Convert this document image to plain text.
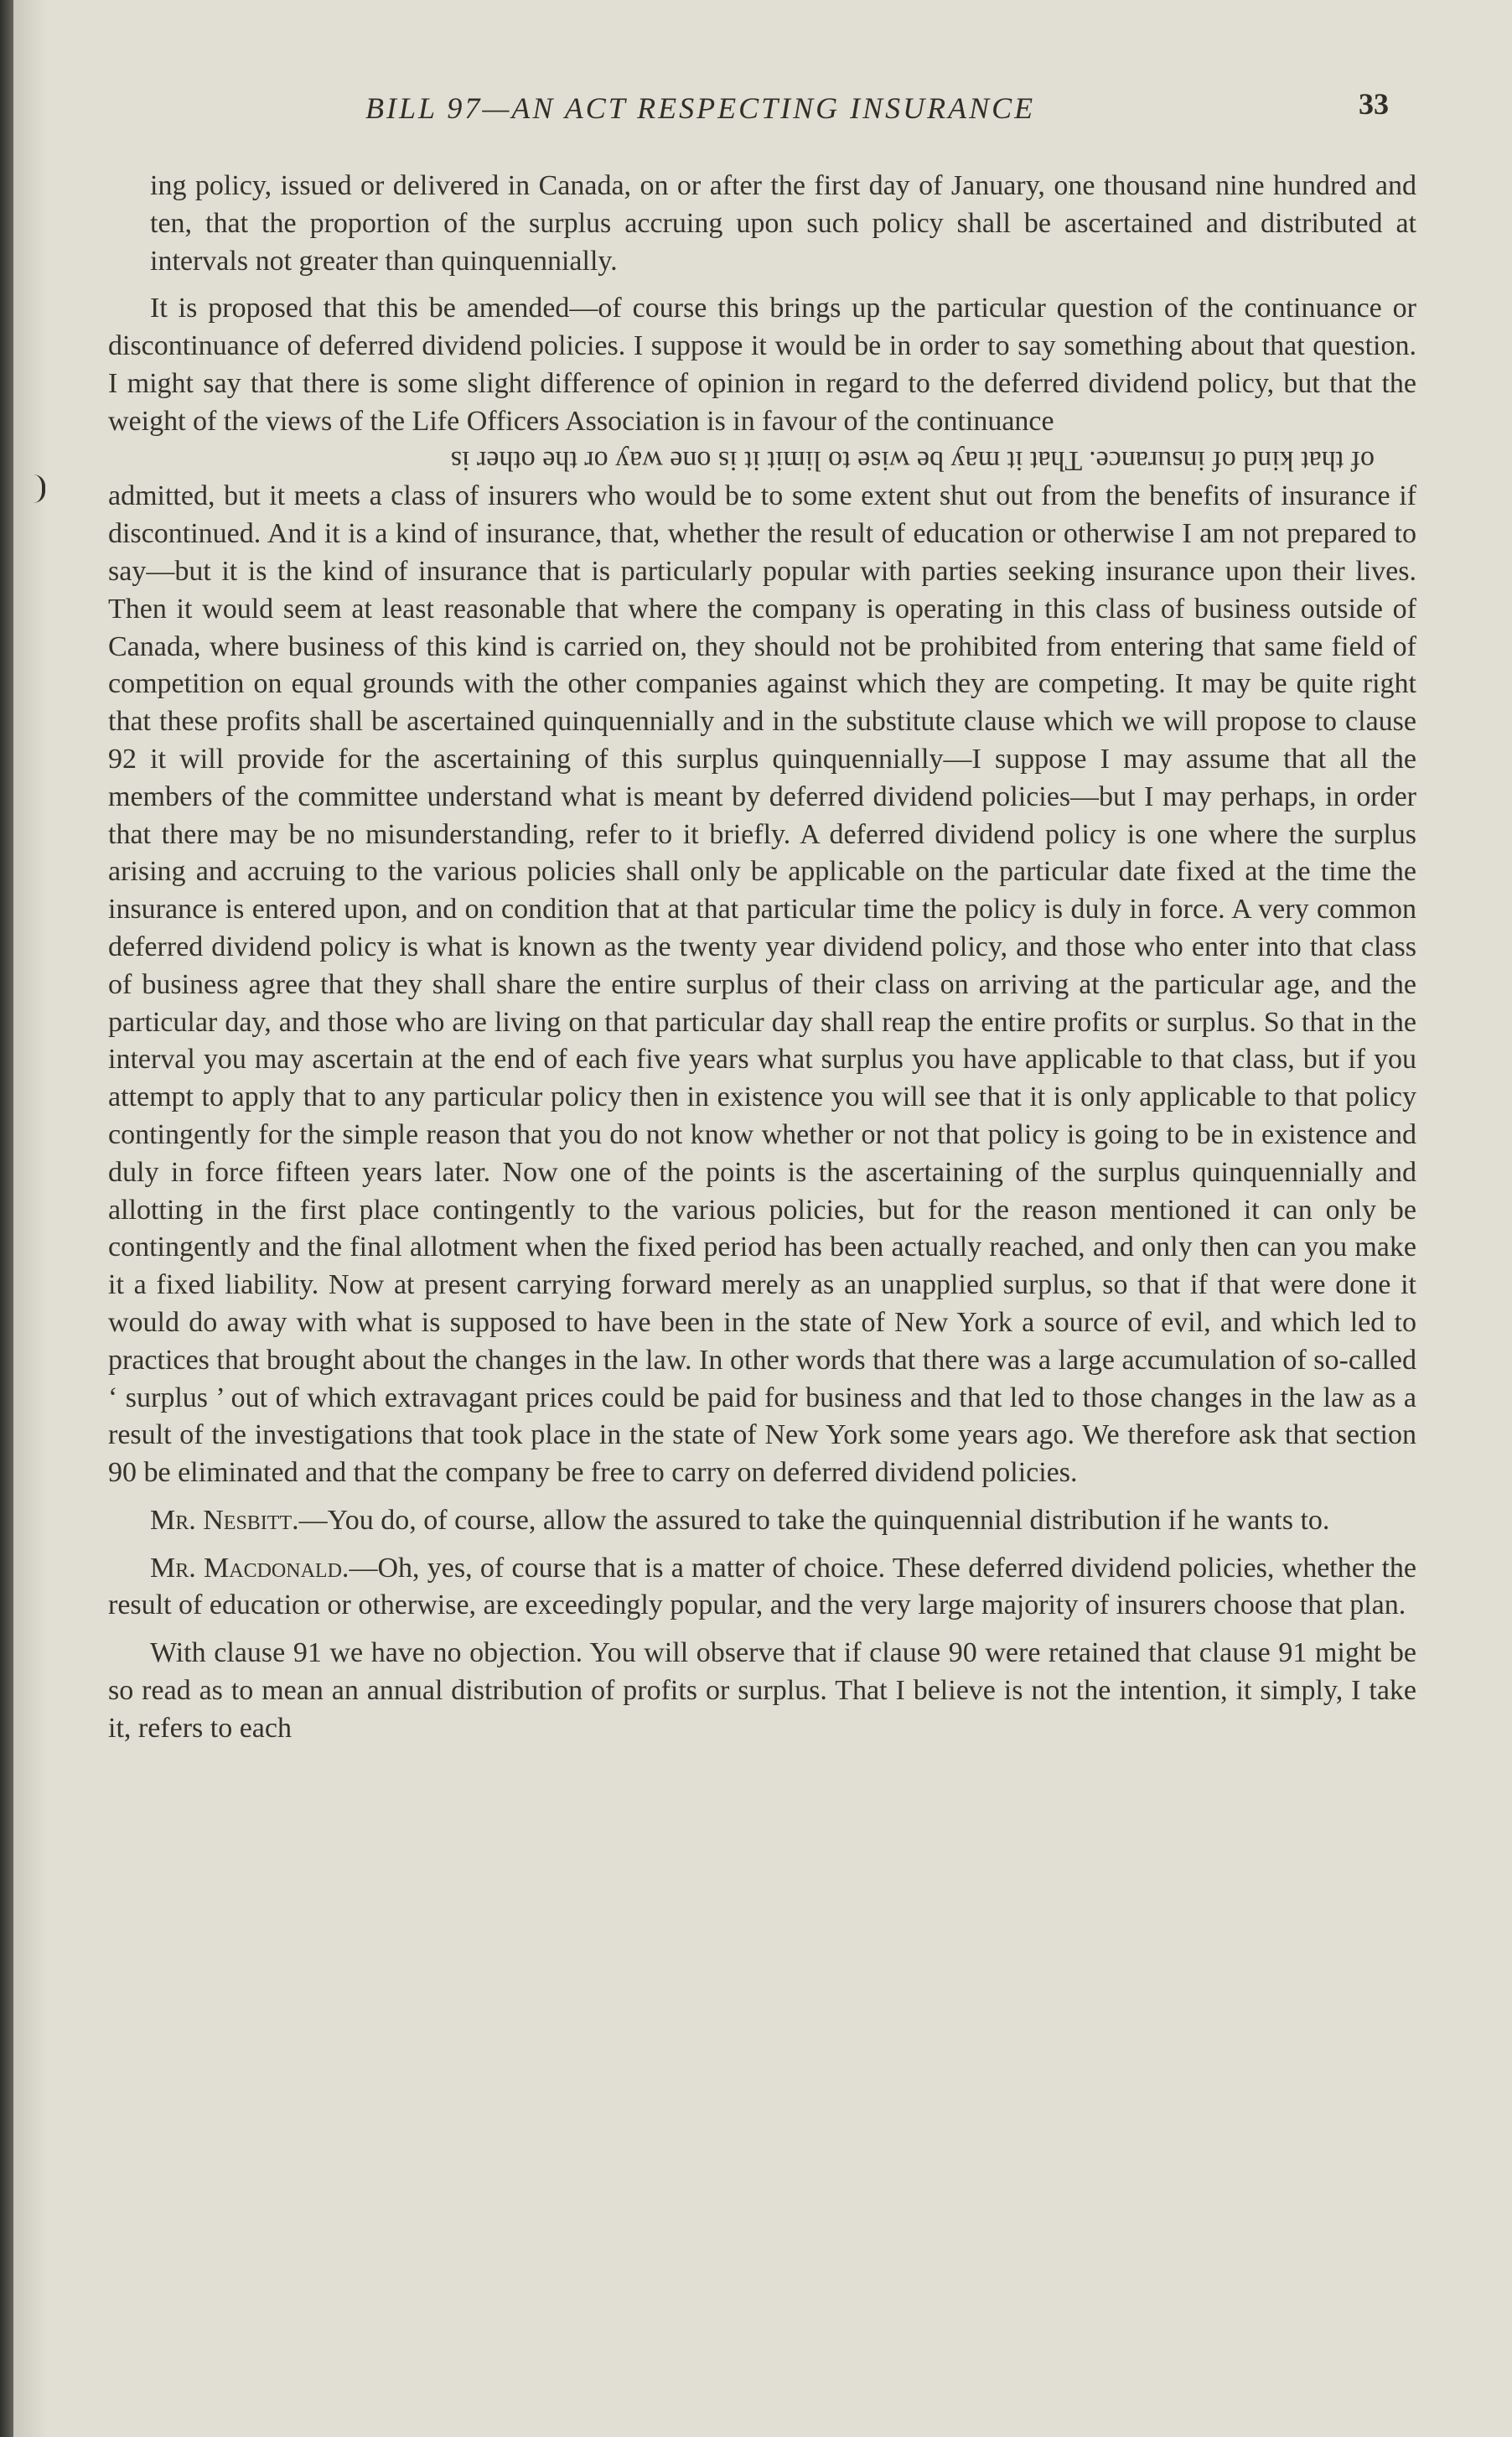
BILL 97—AN ACT RESPECTING INSURANCE	33

ing policy, issued or delivered in Canada, on or after the first day of January, one thousand nine hundred and ten, that the proportion of the surplus accruing upon such policy shall be ascertained and distributed at intervals not greater than quinquennially.

It is proposed that this be amended—of course this brings up the particular question of the continuance or discontinuance of deferred dividend policies. I suppose it would be in order to say something about that question. I might say that there is some slight difference of opinion in regard to the deferred dividend policy, but that the weight of the views of the Life Officers Association is in favour of the continuance
of that kind of insurance. That it may be wise to limit it is one way or the other is
admitted, but it meets a class of insurers who would be to some extent shut out from the benefits of insurance if discontinued. And it is a kind of insurance, that, whether the result of education or otherwise I am not prepared to say—but it is the kind of insurance that is particularly popular with parties seeking insurance upon their lives. Then it would seem at least reasonable that where the company is operating in this class of business outside of Canada, where business of this kind is carried on, they should not be prohibited from entering that same field of competition on equal grounds with the other companies against which they are competing. It may be quite right that these profits shall be ascertained quinquennially and in the substitute clause which we will propose to clause 92 it will provide for the ascertaining of this surplus quinquennially—I suppose I may assume that all the members of the committee understand what is meant by deferred dividend policies—but I may perhaps, in order that there may be no misunderstanding, refer to it briefly. A deferred dividend policy is one where the surplus arising and accruing to the various policies shall only be applicable on the particular date fixed at the time the insurance is entered upon, and on condition that at that particular time the policy is duly in force. A very common deferred dividend policy is what is known as the twenty year dividend policy, and those who enter into that class of business agree that they shall share the entire surplus of their class on arriving at the particular age, and the particular day, and those who are living on that particular day shall reap the entire profits or surplus. So that in the interval you may ascertain at the end of each five years what surplus you have applicable to that class, but if you attempt to apply that to any particular policy then in existence you will see that it is only applicable to that policy contingently for the simple reason that you do not know whether or not that policy is going to be in existence and duly in force fifteen years later. Now one of the points is the ascertaining of the surplus quinquennially and allotting in the first place contingently to the various policies, but for the reason mentioned it can only be contingently and the final allotment when the fixed period has been actually reached, and only then can you make it a fixed liability. Now at present carrying forward merely as an unapplied surplus, so that if that were done it would do away with what is supposed to have been in the state of New York a source of evil, and which led to practices that brought about the changes in the law. In other words that there was a large accumulation of so-called ‘ surplus ’ out of which extravagant prices could be paid for business and that led to those changes in the law as a result of the investigations that took place in the state of New York some years ago. We therefore ask that section 90 be eliminated and that the company be free to carry on deferred dividend policies.

Mr. Nesbitt.—You do, of course, allow the assured to take the quinquennial distribution if he wants to.

Mr. Macdonald.—Oh, yes, of course that is a matter of choice. These deferred dividend policies, whether the result of education or otherwise, are exceedingly popular, and the very large majority of insurers choose that plan.

With clause 91 we have no objection. You will observe that if clause 90 were retained that clause 91 might be so read as to mean an annual distribution of profits or surplus. That I believe is not the intention, it simply, I take it, refers to each
